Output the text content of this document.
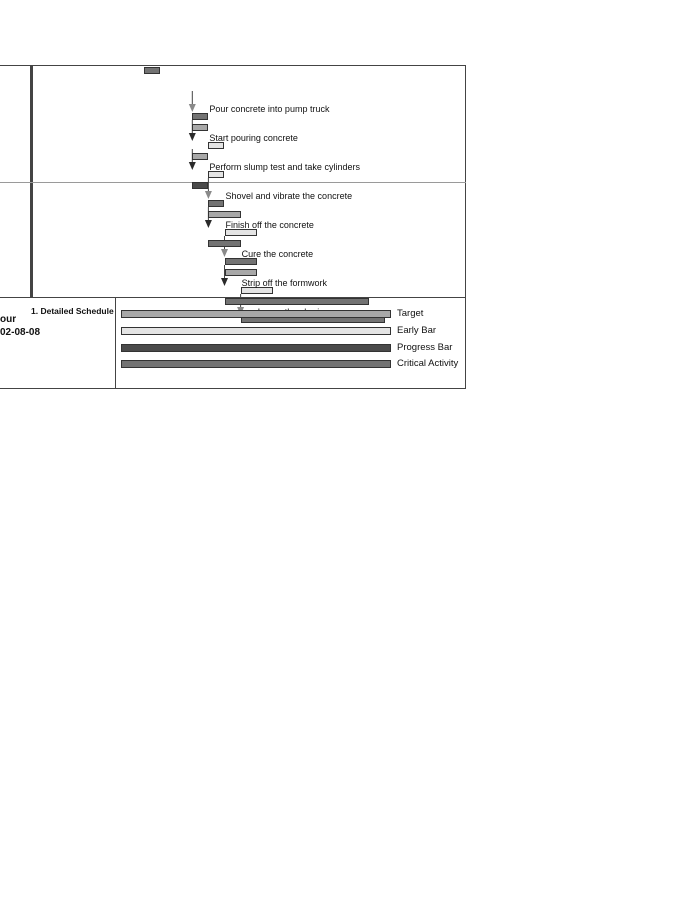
Pour concrete into pump truck
Start pouring concrete
Perform slump test and take cylinders
Shovel and vibrate the concrete
Finish off the concrete
Cure the concrete
Strip off the formwork
Target
Early Bar
Progress Bar
Critical Activity
1. Detailed Schedule
our
02-08-08
